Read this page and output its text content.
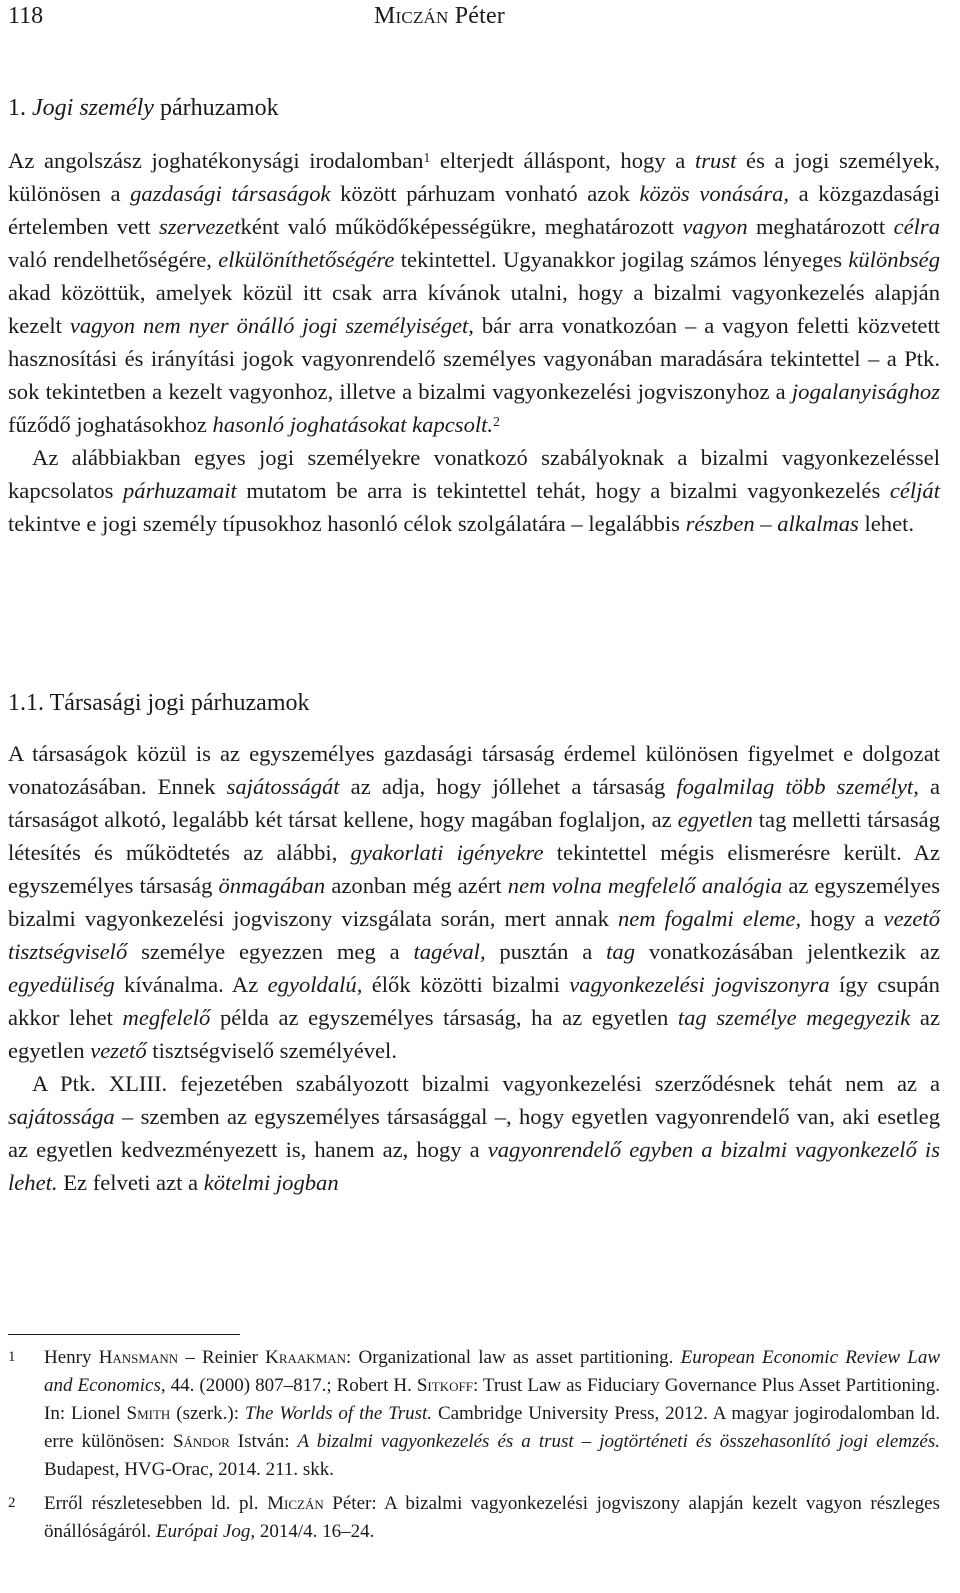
118	Miczán Péter
1. Jogi személy párhuzamok

Az angolszász joghatékonysági irodalomban$^1$ elterjedt álláspont, hogy a trust és a jogi személyek, különösen a gazdasági társaságok között párhuzam vonható azok közös vonására, a közgazdasági értelemben vett szervezetként való működőképességükre, meghatározott vagyon meghatározott célra való rendelhetőségére, elkülöníthetőségére tekintettel. Ugyanakkor jogilag számos lényeges különbség akad közöttük, amelyek közül itt csak arra kívánok utalni, hogy a bizalmi vagyonkezelés alapján kezelt vagyon nem nyer önálló jogi személyiséget, bár arra vonatkozóan – a vagyon feletti közvetett hasznosítási és irányítási jogok vagyonrendelő személyes vagyonában maradására tekintettel – a Ptk. sok tekintetben a kezelt vagyonhoz, illetve a bizalmi vagyonkezelési jogviszonyhoz a jogalanyisághoz fűződő joghatásokhoz hasonló joghatásokat kapcsolt.$^2$

Az alábbiakban egyes jogi személyekre vonatkozó szabályoknak a bizalmi vagyonkezeléssel kapcsolatos párhuzamait mutatom be arra is tekintettel tehát, hogy a bizalmi vagyonkezelés célját tekintve e jogi személy típusokhoz hasonló célok szolgálatára – legalábbis részben – alkalmas lehet.

1.1. Társasági jogi párhuzamok

A társaságok közül is az egyszemélyes gazdasági társaság érdemel különösen figyelmet e dolgozat vonatozásában. Ennek sajátosságát az adja, hogy jóllehet a társaság fogalmilag több személyt, a társaságot alkotó, legalább két társat kellene, hogy magában foglaljon, az egyetlen tag melletti társaság létesítés és működtetés az alábbi, gyakorlati igényekre tekintettel mégis elismerésre került. Az egyszemélyes társaság önmagában azonban még azért nem volna megfelelő analógia az egyszemélyes bizalmi vagyonkezelési jogviszony vizsgálata során, mert annak nem fogalmi eleme, hogy a vezető tisztségviselő személye egyezzen meg a tagéval, pusztán a tag vonatkozásában jelentkezik az egyedüliség kívánalma. Az egyoldalú, élők közötti bizalmi vagyonkezelési jogviszonyra így csupán akkor lehet megfelelő példa az egyszemélyes társaság, ha az egyetlen tag személye megegyezik az egyetlen vezető tisztségviselő személyével.

A Ptk. XLIII. fejezetében szabályozott bizalmi vagyonkezelési szerződésnek tehát nem az a sajátossága – szemben az egyszemélyes társasággal –, hogy egyetlen vagyonrendelő van, aki esetleg az egyetlen kedvezményezett is, hanem az, hogy a vagyonrendelő egyben a bizalmi vagyonkezelő is lehet. Ez felveti azt a kötelmi jogban

1 Henry Hansmann – Reinier Kraakman: Organizational law as asset partitioning. European Economic Review Law and Economics, 44. (2000) 807–817.; Robert H. Sitkoff: Trust Law as Fiduciary Governance Plus Asset Partitioning. In: Lionel Smith (szerk.): The Worlds of the Trust. Cambridge University Press, 2012. A magyar jogirodalomban ld. erre különösen: Sándor István: A bizalmi vagyonkezelés és a trust – jogtörténeti és összehasonlító jogi elemzés. Budapest, HVG-Orac, 2014. 211. skk.
2 Erről részletesebben ld. pl. Miczán Péter: A bizalmi vagyonkezelési jogviszony alapján kezelt vagyon részleges önállóságáról. Európai Jog, 2014/4. 16–24.
